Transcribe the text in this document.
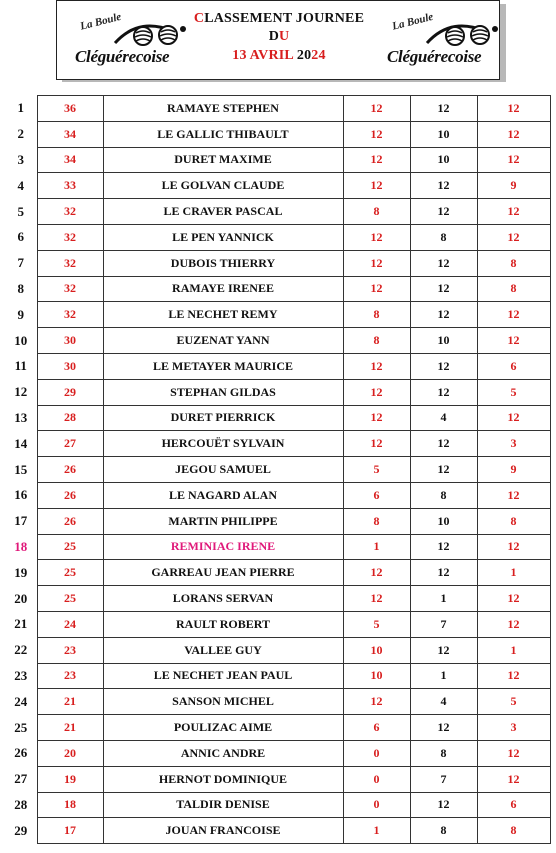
La Boule
Cléguérecoise
CLASSEMENT JOURNEE
DU
13 AVRIL 2024
La Boule
Cléguérecoise
1	36	RAMAYE STEPHEN	12	12	12
2	34	LE GALLIC THIBAULT	12	10	12
3	34	DURET MAXIME	12	10	12
4	33	LE GOLVAN CLAUDE	12	12	9
5	32	LE CRAVER PASCAL	8	12	12
6	32	LE PEN YANNICK	12	8	12
7	32	DUBOIS THIERRY	12	12	8
8	32	RAMAYE IRENEE	12	12	8
9	32	LE NECHET REMY	8	12	12
10	30	EUZENAT YANN	8	10	12
11	30	LE METAYER MAURICE	12	12	6
12	29	STEPHAN GILDAS	12	12	5
13	28	DURET PIERRICK	12	4	12
14	27	HERCOUËT SYLVAIN	12	12	3
15	26	JEGOU SAMUEL	5	12	9
16	26	LE NAGARD ALAN	6	8	12
17	26	MARTIN PHILIPPE	8	10	8
18	25	REMINIAC IRENE	1	12	12
19	25	GARREAU JEAN PIERRE	12	12	1
20	25	LORANS SERVAN	12	1	12
21	24	RAULT ROBERT	5	7	12
22	23	VALLEE GUY	10	12	1
23	23	LE NECHET JEAN PAUL	10	1	12
24	21	SANSON MICHEL	12	4	5
25	21	POULIZAC AIME	6	12	3
26	20	ANNIC ANDRE	0	8	12
27	19	HERNOT DOMINIQUE	0	7	12
28	18	TALDIR DENISE	0	12	6
29	17	JOUAN FRANCOISE	1	8	8
